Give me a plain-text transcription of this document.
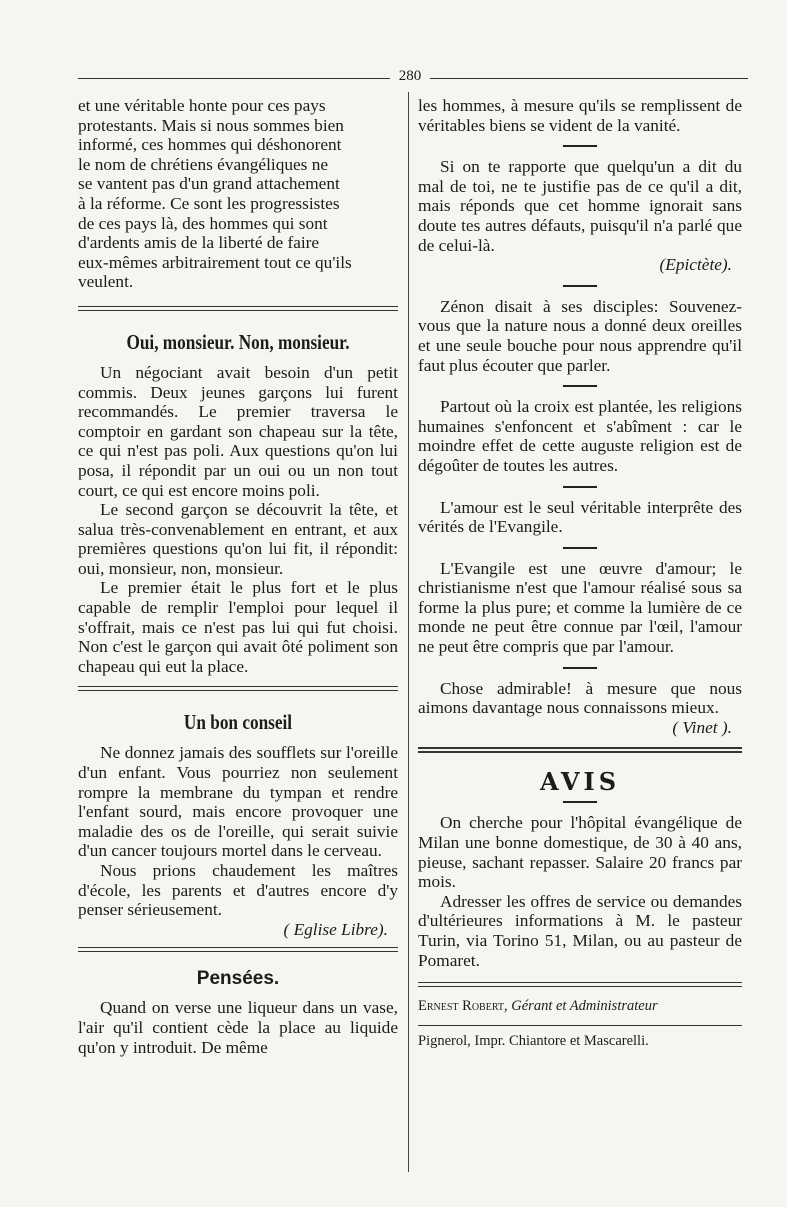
280
et une véritable honte pour ces pays
protestants. Mais si nous sommes bien
informé, ces hommes qui déshonorent
le nom de chrétiens évangéliques ne
se vantent pas d'un grand attachement
à la réforme. Ce sont les progressistes
de ces pays là, des hommes qui sont
d'ardents amis de la liberté de faire
eux-mêmes arbitrairement tout ce qu'ils
veulent.
Oui, monsieur. Non, monsieur.

Un négociant avait besoin d'un petit commis. Deux jeunes garçons lui furent recommandés. Le premier traversa le comptoir en gardant son chapeau sur la tête, ce qui n'est pas poli. Aux questions qu'on lui posa, il répondit par un oui ou un non tout court, ce qui est encore moins poli.

Le second garçon se découvrit la tête, et salua très-convenablement en entrant, et aux premières questions qu'on lui fit, il répondit: oui, monsieur, non, monsieur.

Le premier était le plus fort et le plus capable de remplir l'emploi pour lequel il s'offrait, mais ce n'est pas lui qui fut choisi. Non c'est le garçon qui avait ôté poliment son chapeau qui eut la place.

Un bon conseil

Ne donnez jamais des soufflets sur l'oreille d'un enfant. Vous pourriez non seulement rompre la membrane du tympan et rendre l'enfant sourd, mais encore provoquer une maladie des os de l'oreille, qui serait suivie d'un cancer toujours mortel dans le cerveau.

Nous prions chaudement les maîtres d'école, les parents et d'autres encore d'y penser sérieusement.

( Eglise Libre).
Pensées.

Quand on verse une liqueur dans un vase, l'air qu'il contient cède la place au liquide qu'on y introduit. De même

les hommes, à mesure qu'ils se remplissent de véritables biens se vident de la vanité.

Si on te rapporte que quelqu'un a dit du mal de toi, ne te justifie pas de ce qu'il a dit, mais réponds que cet homme ignorait sans doute tes autres défauts, puisqu'il n'a parlé que de celui-là.

(Epictète).

Zénon disait à ses disciples: Souvenez-vous que la nature nous a donné deux oreilles et une seule bouche pour nous apprendre qu'il faut plus écouter que parler.

Partout où la croix est plantée, les religions humaines s'enfoncent et s'abîment : car le moindre effet de cette auguste religion est de dégoûter de toutes les autres.

L'amour est le seul véritable interprête des vérités de l'Evangile.

L'Evangile est une œuvre d'amour; le christianisme n'est que l'amour réalisé sous sa forme la plus pure; et comme la lumière de ce monde ne peut être connue par l'œil, l'amour ne peut être compris que par l'amour.

Chose admirable! à mesure que nous aimons davantage nous connaissons mieux.

( Vinet ).
AVIS

On cherche pour l'hôpital évangélique de Milan une bonne domestique, de 30 à 40 ans, pieuse, sachant repasser. Salaire 20 francs par mois.

Adresser les offres de service ou demandes d'ultérieures informations à M. le pasteur Turin, via Torino 51, Milan, ou au pasteur de Pomaret.

Ernest Robert, Gérant et Administrateur
Pignerol, Impr. Chiantore et Mascarelli.
